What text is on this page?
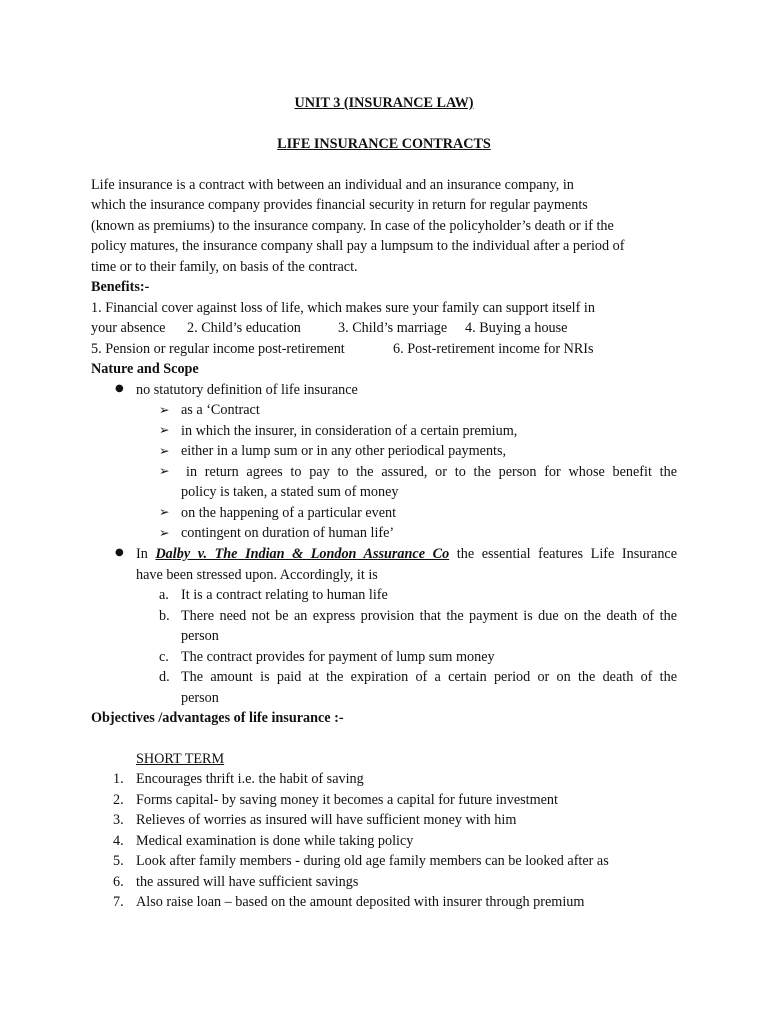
UNIT 3 (INSURANCE LAW)
LIFE INSURANCE CONTRACTS
Life insurance is a contract with between an individual and an insurance company, in
which the insurance company provides financial security in return for regular payments
(known as premiums) to the insurance company. In case of the policyholder’s death or if the
policy matures, the insurance company shall pay a lumpsum to the individual after a period of
time or to their family, on basis of the contract.
Benefits:-
1. Financial cover against loss of life, which makes sure your family can support itself in
your absence 2. Child’s education	3. Child’s marriage 4. Buying a house
5. Pension or regular income post-retirement	6. Post-retirement income for NRIs
Nature and Scope
● no statutory definition of life insurance
➢ as a ‘Contract
➢ in which the insurer, in consideration of a certain premium,
➢ either in a lump sum or in any other periodical payments,
➢ in return agrees to pay to the assured, or to the person for whose benefit the
policy is taken, a stated sum of money
➢ on the happening of a particular event
➢ contingent on duration of human life’
● In Dalby v. The Indian & London Assurance Co the essential features Life Insurance
have been stressed upon. Accordingly, it is
a. It is a contract relating to human life
b. There need not be an express provision that the payment is due on the death of the
person
c. The contract provides for payment of lump sum money
d. The amount is paid at the expiration of a certain period or on the death of the
person
Objectives /advantages of life insurance :-
SHORT TERM
1. Encourages thrift i.e. the habit of saving
2. Forms capital- by saving money it becomes a capital for future investment
3. Relieves of worries as insured will have sufficient money with him
4. Medical examination is done while taking policy
5. Look after family members - during old age family members can be looked after as
6. the assured will have sufficient savings
7. Also raise loan – based on the amount deposited with insurer through premium
